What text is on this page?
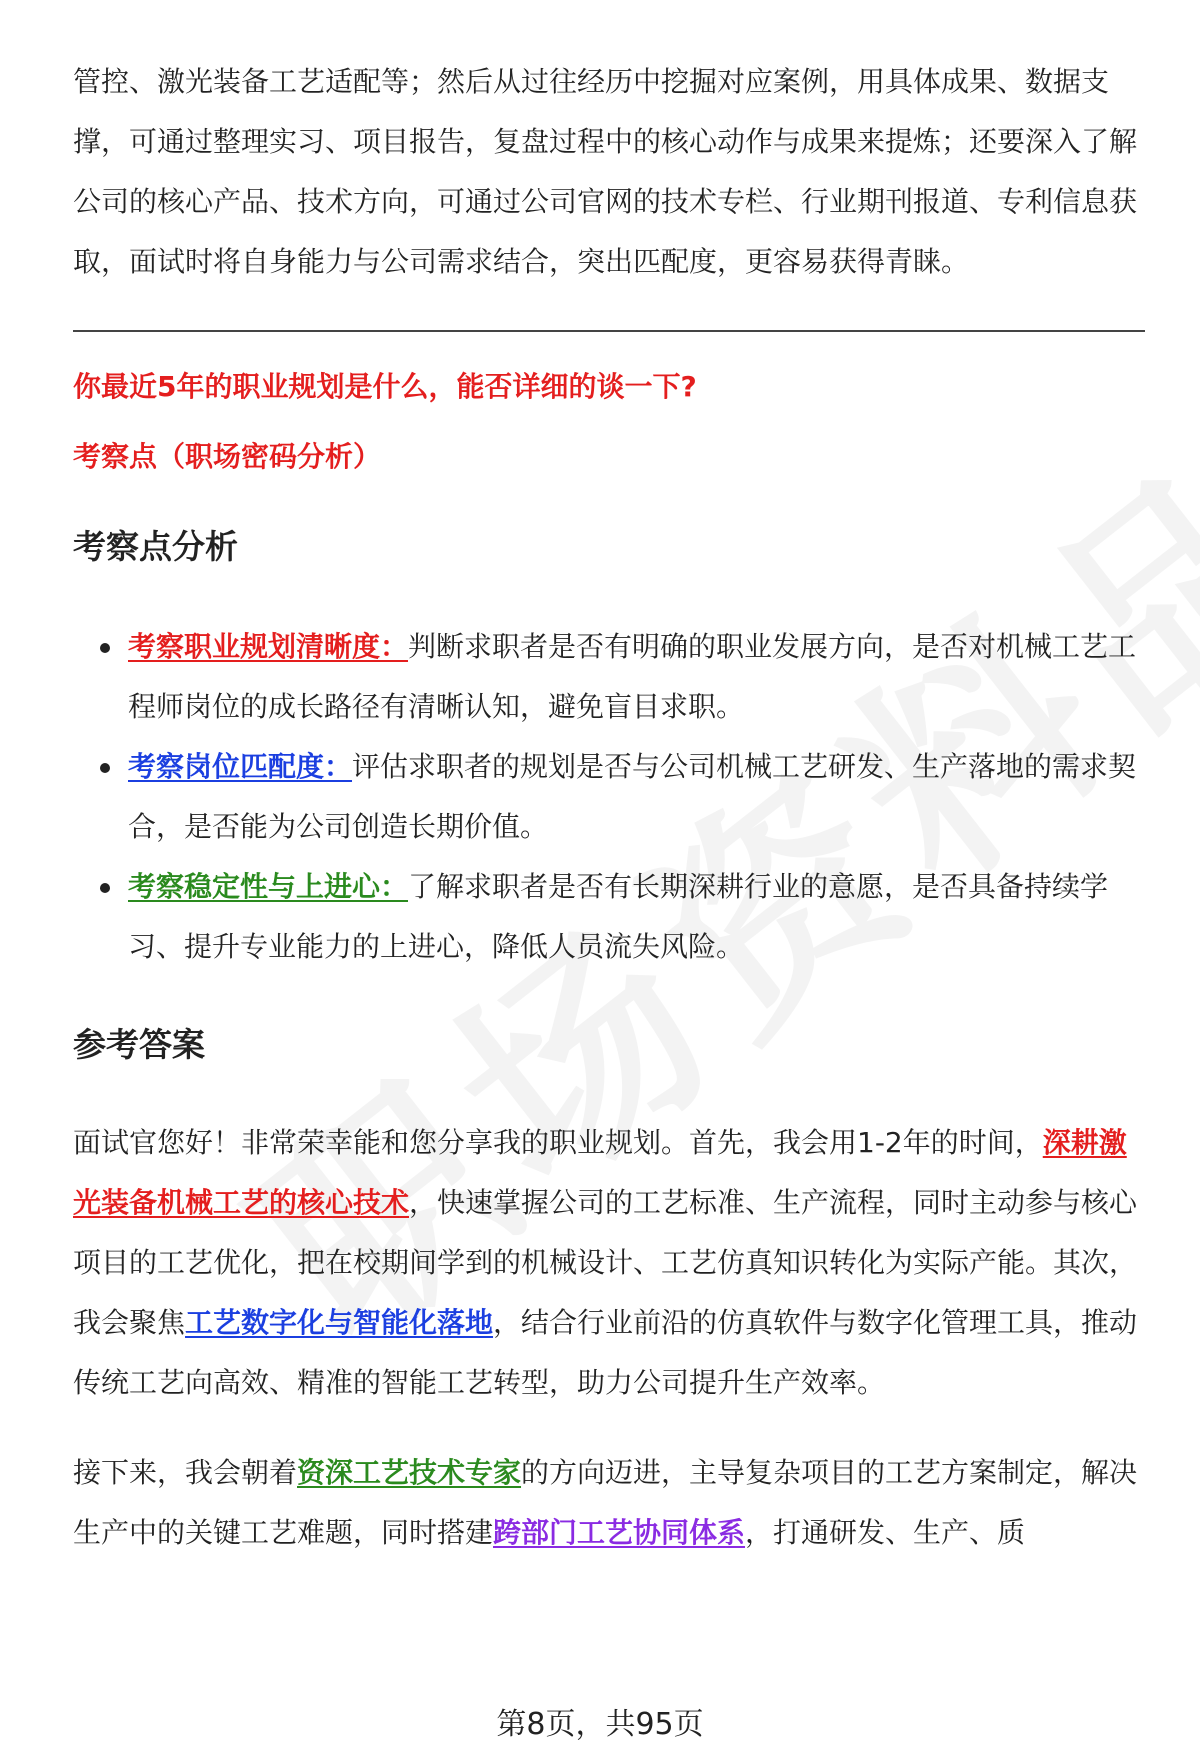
管控、激光装备工艺适配等；然后从过往经历中挖掘对应案例，用具体成果、数据支撑，可通过整理实习、项目报告，复盘过程中的核心动作与成果来提炼；还要深入了解公司的核心产品、技术方向，可通过公司官网的技术专栏、行业期刊报道、专利信息获取，面试时将自身能力与公司需求结合，突出匹配度，更容易获得青睐。

你最近5年的职业规划是什么，能否详细的谈一下?
考察点（职场密码分析）
考察点分析
考察职业规划清晰度：判断求职者是否有明确的职业发展方向，是否对机械工艺工程师岗位的成长路径有清晰认知，避免盲目求职。
考察岗位匹配度：评估求职者的规划是否与公司机械工艺研发、生产落地的需求契合，是否能为公司创造长期价值。
考察稳定性与上进心：了解求职者是否有长期深耕行业的意愿，是否具备持续学习、提升专业能力的上进心，降低人员流失风险。
参考答案

面试官您好！非常荣幸能和您分享我的职业规划。首先，我会用1-2年的时间，深耕激光装备机械工艺的核心技术，快速掌握公司的工艺标准、生产流程，同时主动参与核心项目的工艺优化，把在校期间学到的机械设计、工艺仿真知识转化为实际产能。其次，我会聚焦工艺数字化与智能化落地，结合行业前沿的仿真软件与数字化管理工具，推动传统工艺向高效、精准的智能工艺转型，助力公司提升生产效率。

接下来，我会朝着资深工艺技术专家的方向迈进，主导复杂项目的工艺方案制定，解决生产中的关键工艺难题，同时搭建跨部门工艺协同体系，打通研发、生产、质

第8页，共95页
